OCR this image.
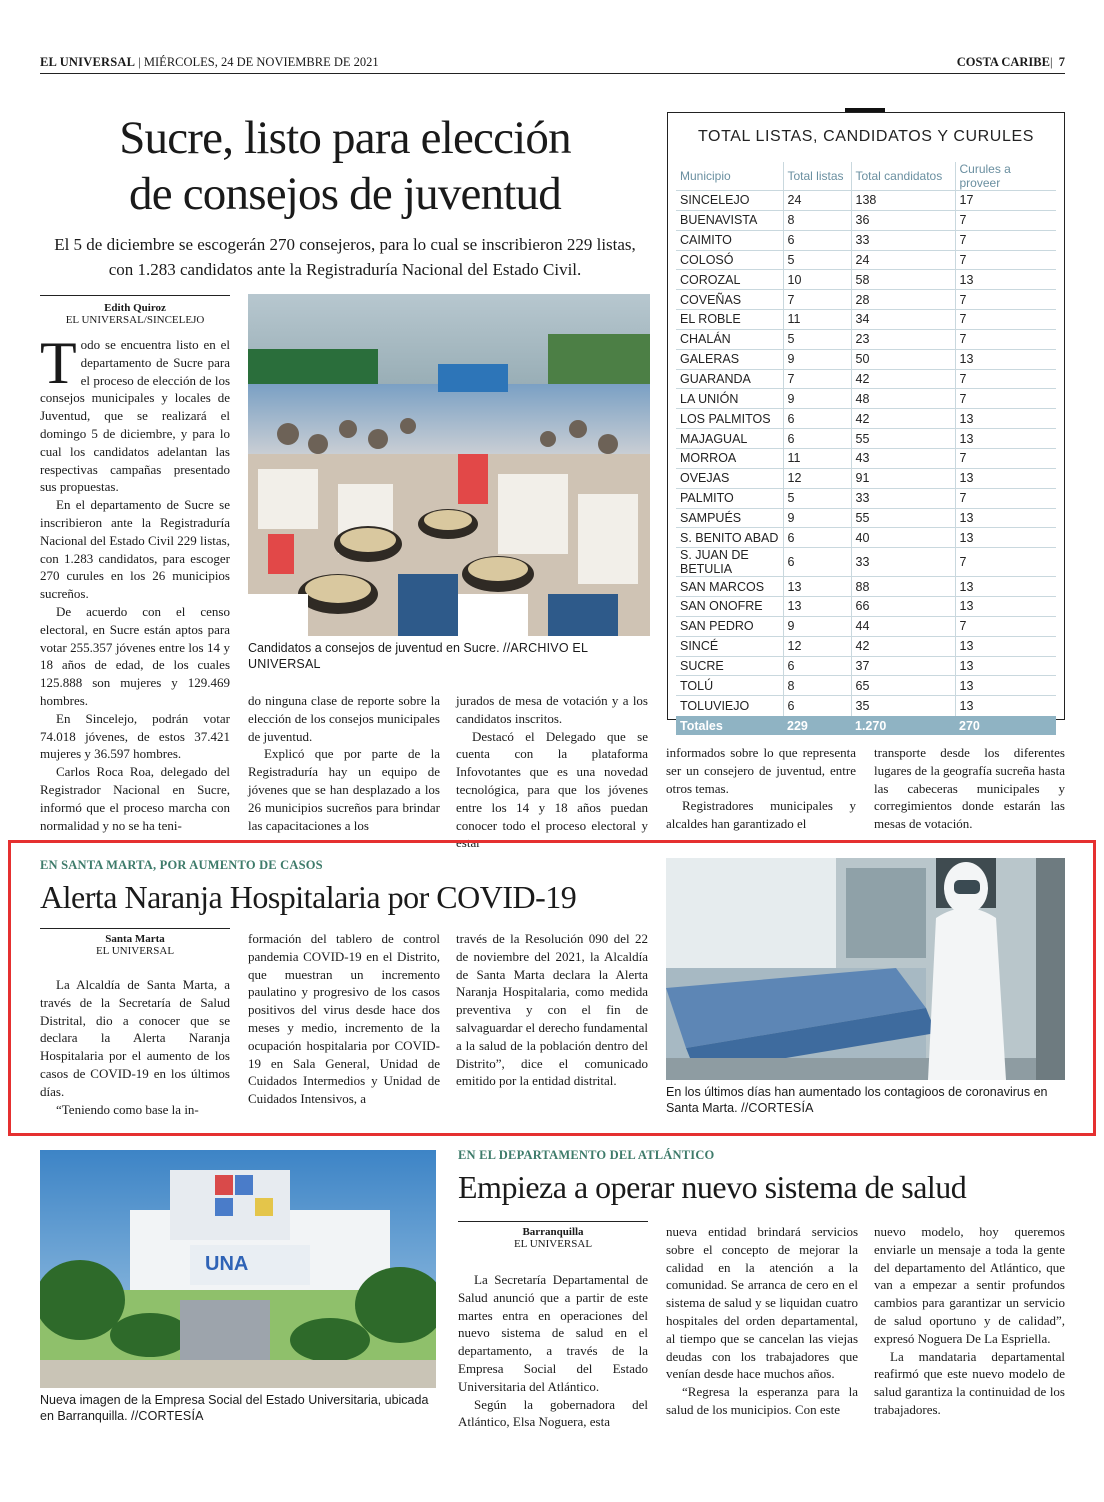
EL UNIVERSAL | MIÉRCOLES, 24 DE NOVIEMBRE DE 2021	COSTA CARIBE|  7
Sucre, listo para elección
de consejos de juventud
El 5 de diciembre se escogerán 270 consejeros, para lo cual se inscribieron 229 listas, con 1.283 candidatos ante la Registraduría Nacional del Estado Civil.
Edith Quiroz
EL UNIVERSAL/SINCELEJO

Todo se encuentra listo en el departamento de Sucre para el proceso de elección de los consejos municipales y locales de Juventud, que se realizará el domingo 5 de diciembre, y para lo cual los candidatos adelantan las respectivas campañas presentado sus propuestas.

En el departamento de Sucre se inscribieron ante la Registraduría Nacional del Estado Civil 229 listas, con 1.283 candidatos, para escoger 270 curules en los 26 municipios sucreños.

De acuerdo con el censo electoral, en Sucre están aptos para votar 255.357 jóvenes entre los 14 y 18 años de edad, de los cuales 125.888 son mujeres y 129.469 hombres.

En Sincelejo, podrán votar 74.018 jóvenes, de estos 37.421 mujeres y 36.597 hombres.

Carlos Roca Roa, delegado del Registrador Nacional en Sucre, informó que el proceso marcha con normalidad y no se ha teni-

Candidatos a consejos de juventud en Sucre. //ARCHIVO EL UNIVERSAL

do ninguna clase de reporte sobre la elección de los consejos municipales de juventud.

Explicó que por parte de la Registraduría hay un equipo de jóvenes que se han desplazado a los 26 municipios sucreños para brindar las capacitaciones a los

jurados de mesa de votación y a los candidatos inscritos.

Destacó el Delegado que se cuenta con la plataforma Infovotantes que es una novedad tecnológica, para que los jóvenes entre los 14 y 18 años puedan conocer todo el proceso electoral y estar

informados sobre lo que representa ser un consejero de juventud, entre otros temas.

Registradores municipales y alcaldes han garantizado el

transporte desde los diferentes lugares de la geografía sucreña hasta las cabeceras municipales y corregimientos donde estarán las mesas de votación.

TOTAL LISTAS, CANDIDATOS Y CURULES
Municipio	Total listas	Total candidatos	Curules a proveer
SINCELEJO	24	138	17
BUENAVISTA	8	36	7
CAIMITO	6	33	7
COLOSÓ	5	24	7
COROZAL	10	58	13
COVEÑAS	7	28	7
EL ROBLE	11	34	7
CHALÁN	5	23	7
GALERAS	9	50	13
GUARANDA	7	42	7
LA UNIÓN	9	48	7
LOS PALMITOS	6	42	13
MAJAGUAL	6	55	13
MORROA	11	43	7
OVEJAS	12	91	13
PALMITO	5	33	7
SAMPUÉS	9	55	13
S. BENITO ABAD	6	40	13
S. JUAN DE BETULIA	6	33	7
SAN MARCOS	13	88	13
SAN ONOFRE	13	66	13
SAN PEDRO	9	44	7
SINCÉ	12	42	13
SUCRE	6	37	13
TOLÚ	8	65	13
TOLUVIEJO	6	35	13
Totales	229	1.270	270
EN SANTA MARTA, POR AUMENTO DE CASOS
Alerta Naranja Hospitalaria por COVID-19
Santa Marta
EL UNIVERSAL

La Alcaldía de Santa Marta, a través de la Secretaría de Salud Distrital, dio a conocer que se declara la Alerta Naranja Hospitalaria por el aumento de los casos de COVID-19 en los últimos días.

“Teniendo como base la in-

formación del tablero de control pandemia COVID-19 en el Distrito, que muestran un incremento paulatino y progresivo de los casos positivos del virus desde hace dos meses y medio, incremento de la ocupación hospitalaria por COVID-19 en Sala General, Unidad de Cuidados Intermedios y Unidad de Cuidados Intensivos, a

través de la Resolución 090 del 22 de noviembre del 2021, la Alcaldía de Santa Marta declara la Alerta Naranja Hospitalaria, como medida preventiva y con el fin de salvaguardar el derecho fundamental a la salud de la población dentro del Distrito”, dice el comunicado emitido por la entidad distrital.

En los últimos días han aumentado los contagioos de coronavirus en Santa Marta. //CORTESÍA
UNA
Nueva imagen de la Empresa Social del Estado Universitaria, ubicada en Barranquilla. //CORTESÍA
EN EL DEPARTAMENTO DEL ATLÁNTICO
Empieza a operar nuevo sistema de salud
Barranquilla
EL UNIVERSAL

La Secretaría Departamental de Salud anunció que a partir de este martes entra en operaciones del nuevo sistema de salud en el departamento, a través de la Empresa Social del Estado Universitaria del Atlántico.

Según la gobernadora del Atlántico, Elsa Noguera, esta

nueva entidad brindará servicios sobre el concepto de mejorar la calidad en la atención a la comunidad. Se arranca de cero en el sistema de salud y se liquidan cuatro hospitales del orden departamental, al tiempo que se cancelan las viejas deudas con los trabajadores que venían desde hace muchos años.

“Regresa la esperanza para la salud de los municipios. Con este

nuevo modelo, hoy queremos enviarle un mensaje a toda la gente del departamento del Atlántico, que van a empezar a sentir profundos cambios para garantizar un servicio de salud oportuno y de calidad”, expresó Noguera De La Espriella.

La mandataria departamental reafirmó que este nuevo modelo de salud garantiza la continuidad de los trabajadores.
